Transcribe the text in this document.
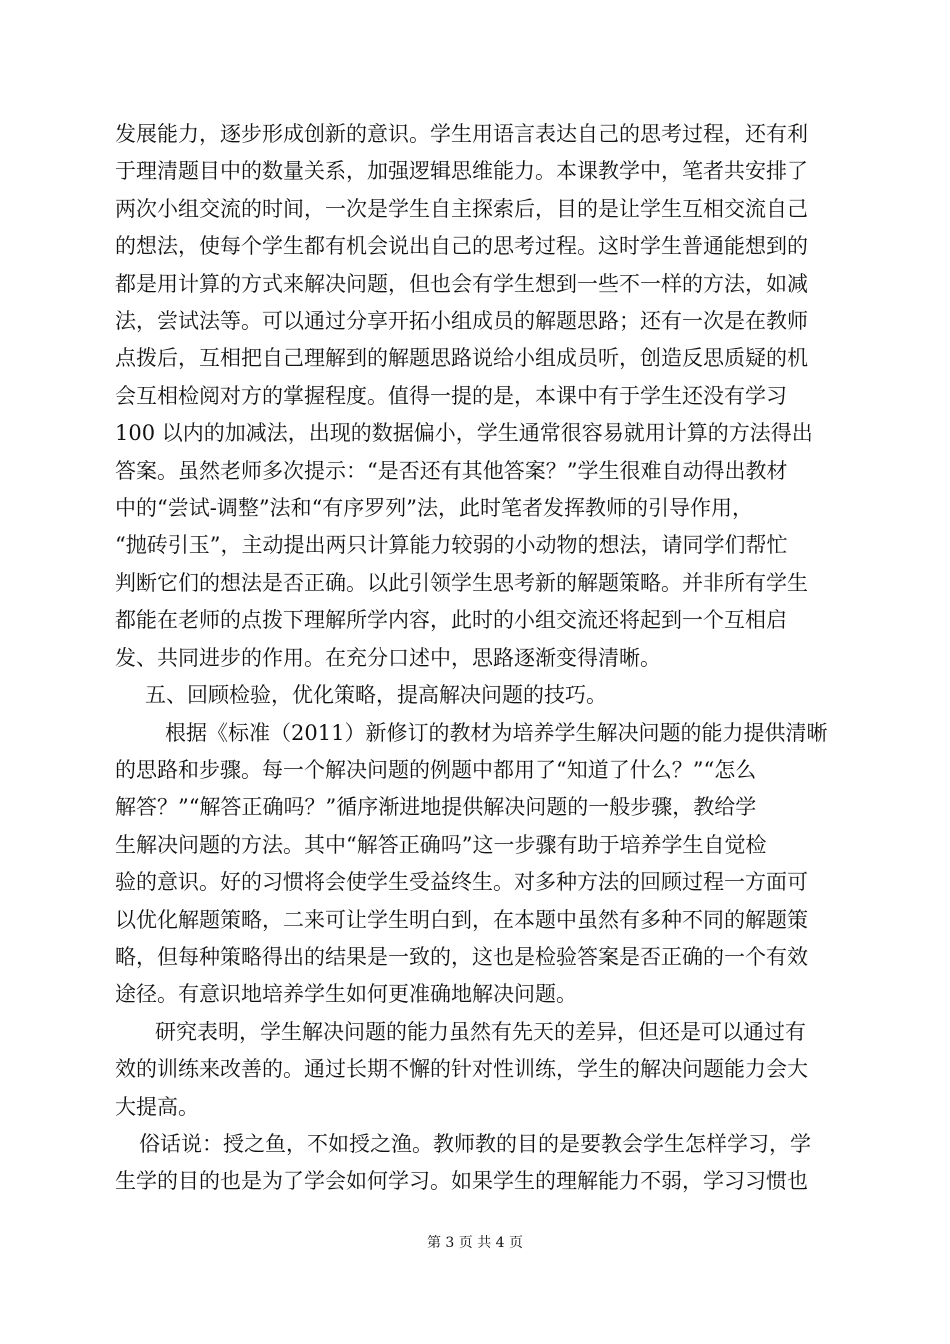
发展能力，逐步形成创新的意识。学生用语言表达自己的思考过程，还有利
于理清题目中的数量关系，加强逻辑思维能力。本课教学中，笔者共安排了
两次小组交流的时间，一次是学生自主探索后，目的是让学生互相交流自己
的想法，使每个学生都有机会说出自己的思考过程。这时学生普通能想到的
都是用计算的方式来解决问题，但也会有学生想到一些不一样的方法，如减
法，尝试法等。可以通过分享开拓小组成员的解题思路；还有一次是在教师
点拨后，互相把自己理解到的解题思路说给小组成员听，创造反思质疑的机
会互相检阅对方的掌握程度。值得一提的是，本课中有于学生还没有学习
100 以内的加减法，出现的数据偏小，学生通常很容易就用计算的方法得出
答案。虽然老师多次提示：“是否还有其他答案？”学生很难自动得出教材
中的“尝试-调整”法和“有序罗列”法，此时笔者发挥教师的引导作用，
“抛砖引玉”，主动提出两只计算能力较弱的小动物的想法，请同学们帮忙
判断它们的想法是否正确。以此引领学生思考新的解题策略。并非所有学生
都能在老师的点拨下理解所学内容，此时的小组交流还将起到一个互相启
发、共同进步的作用。在充分口述中，思路逐渐变得清晰。
五、回顾检验，优化策略，提高解决问题的技巧。
根据《标准（2011）新修订的教材为培养学生解决问题的能力提供清晰
的思路和步骤。每一个解决问题的例题中都用了“知道了什么？”“怎么
解答？”“解答正确吗？”循序渐进地提供解决问题的一般步骤，教给学
生解决问题的方法。其中“解答正确吗”这一步骤有助于培养学生自觉检
验的意识。好的习惯将会使学生受益终生。对多种方法的回顾过程一方面可
以优化解题策略，二来可让学生明白到，在本题中虽然有多种不同的解题策
略，但每种策略得出的结果是一致的，这也是检验答案是否正确的一个有效
途径。有意识地培养学生如何更准确地解决问题。
研究表明，学生解决问题的能力虽然有先天的差异，但还是可以通过有
效的训练来改善的。通过长期不懈的针对性训练，学生的解决问题能力会大
大提高。
俗话说：授之鱼，不如授之渔。教师教的目的是要教会学生怎样学习，学
生学的目的也是为了学会如何学习。如果学生的理解能力不弱，学习习惯也
第 3 页 共 4 页
